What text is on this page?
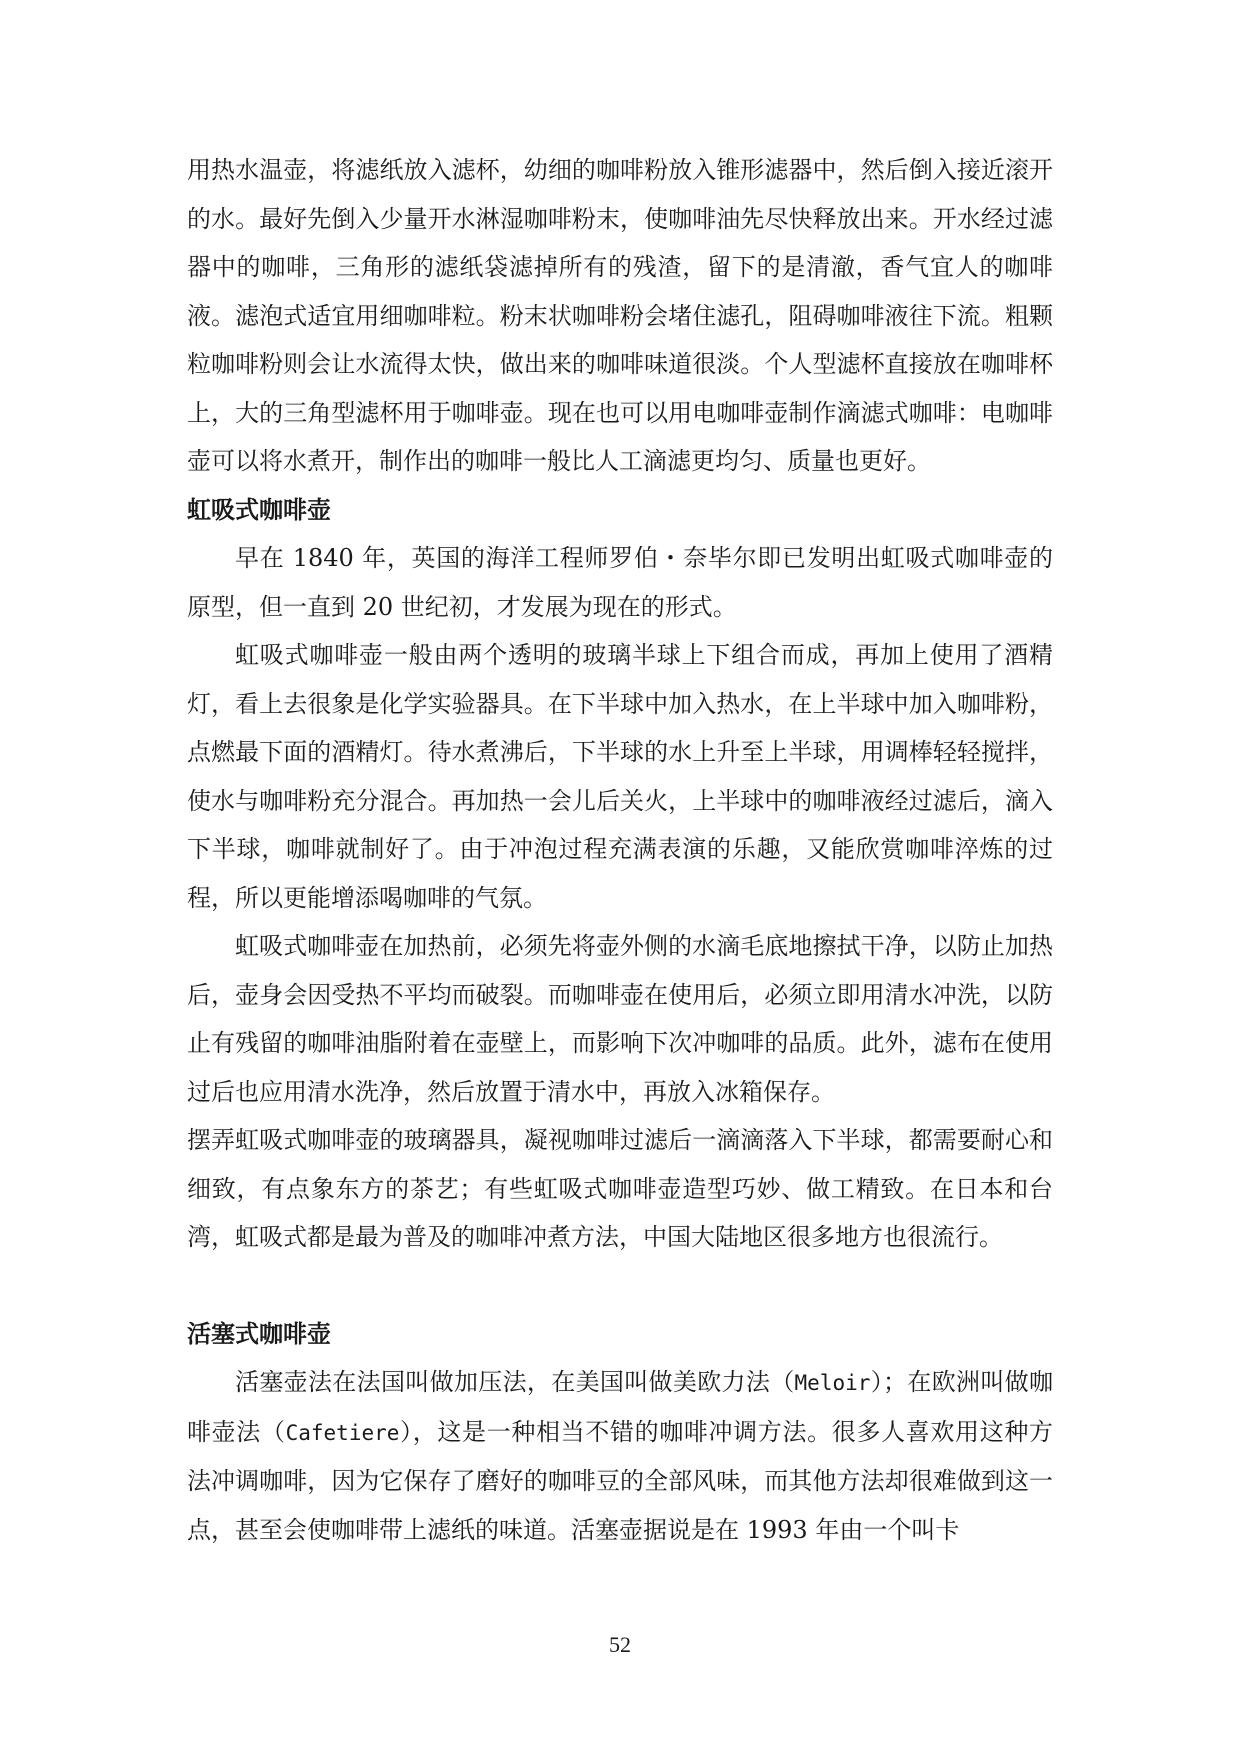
用热水温壶，将滤纸放入滤杯，幼细的咖啡粉放入锥形滤器中，然后倒入接近滚开的水。最好先倒入少量开水淋湿咖啡粉末，使咖啡油先尽快释放出来。开水经过滤器中的咖啡，三角形的滤纸袋滤掉所有的残渣，留下的是清澈，香气宜人的咖啡液。滤泡式适宜用细咖啡粒。粉末状咖啡粉会堵住滤孔，阻碍咖啡液往下流。粗颗粒咖啡粉则会让水流得太快，做出来的咖啡味道很淡。个人型滤杯直接放在咖啡杯上，大的三角型滤杯用于咖啡壶。现在也可以用电咖啡壶制作滴滤式咖啡：电咖啡壶可以将水煮开，制作出的咖啡一般比人工滴滤更均匀、质量也更好。

虹吸式咖啡壶

早在 1840 年，英国的海洋工程师罗伯・奈毕尔即已发明出虹吸式咖啡壶的原型，但一直到 20 世纪初，才发展为现在的形式。

虹吸式咖啡壶一般由两个透明的玻璃半球上下组合而成，再加上使用了酒精灯，看上去很象是化学实验器具。在下半球中加入热水，在上半球中加入咖啡粉，点燃最下面的酒精灯。待水煮沸后，下半球的水上升至上半球，用调棒轻轻搅拌，使水与咖啡粉充分混合。再加热一会儿后关火，上半球中的咖啡液经过滤后，滴入下半球，咖啡就制好了。由于冲泡过程充满表演的乐趣，又能欣赏咖啡淬炼的过程，所以更能增添喝咖啡的气氛。

虹吸式咖啡壶在加热前，必须先将壶外侧的水滴毛底地擦拭干净，以防止加热后，壶身会因受热不平均而破裂。而咖啡壶在使用后，必须立即用清水冲洗，以防止有残留的咖啡油脂附着在壶壁上，而影响下次冲咖啡的品质。此外，滤布在使用过后也应用清水洗净，然后放置于清水中，再放入冰箱保存。

摆弄虹吸式咖啡壶的玻璃器具，凝视咖啡过滤后一滴滴落入下半球，都需要耐心和细致，有点象东方的茶艺；有些虹吸式咖啡壶造型巧妙、做工精致。在日本和台湾，虹吸式都是最为普及的咖啡冲煮方法，中国大陆地区很多地方也很流行。

活塞式咖啡壶

活塞壶法在法国叫做加压法，在美国叫做美欧力法（Meloir）；在欧洲叫做咖啡壶法（Cafetiere），这是一种相当不错的咖啡冲调方法。很多人喜欢用这种方法冲调咖啡，因为它保存了磨好的咖啡豆的全部风味，而其他方法却很难做到这一点，甚至会使咖啡带上滤纸的味道。活塞壶据说是在 1993 年由一个叫卡

52
